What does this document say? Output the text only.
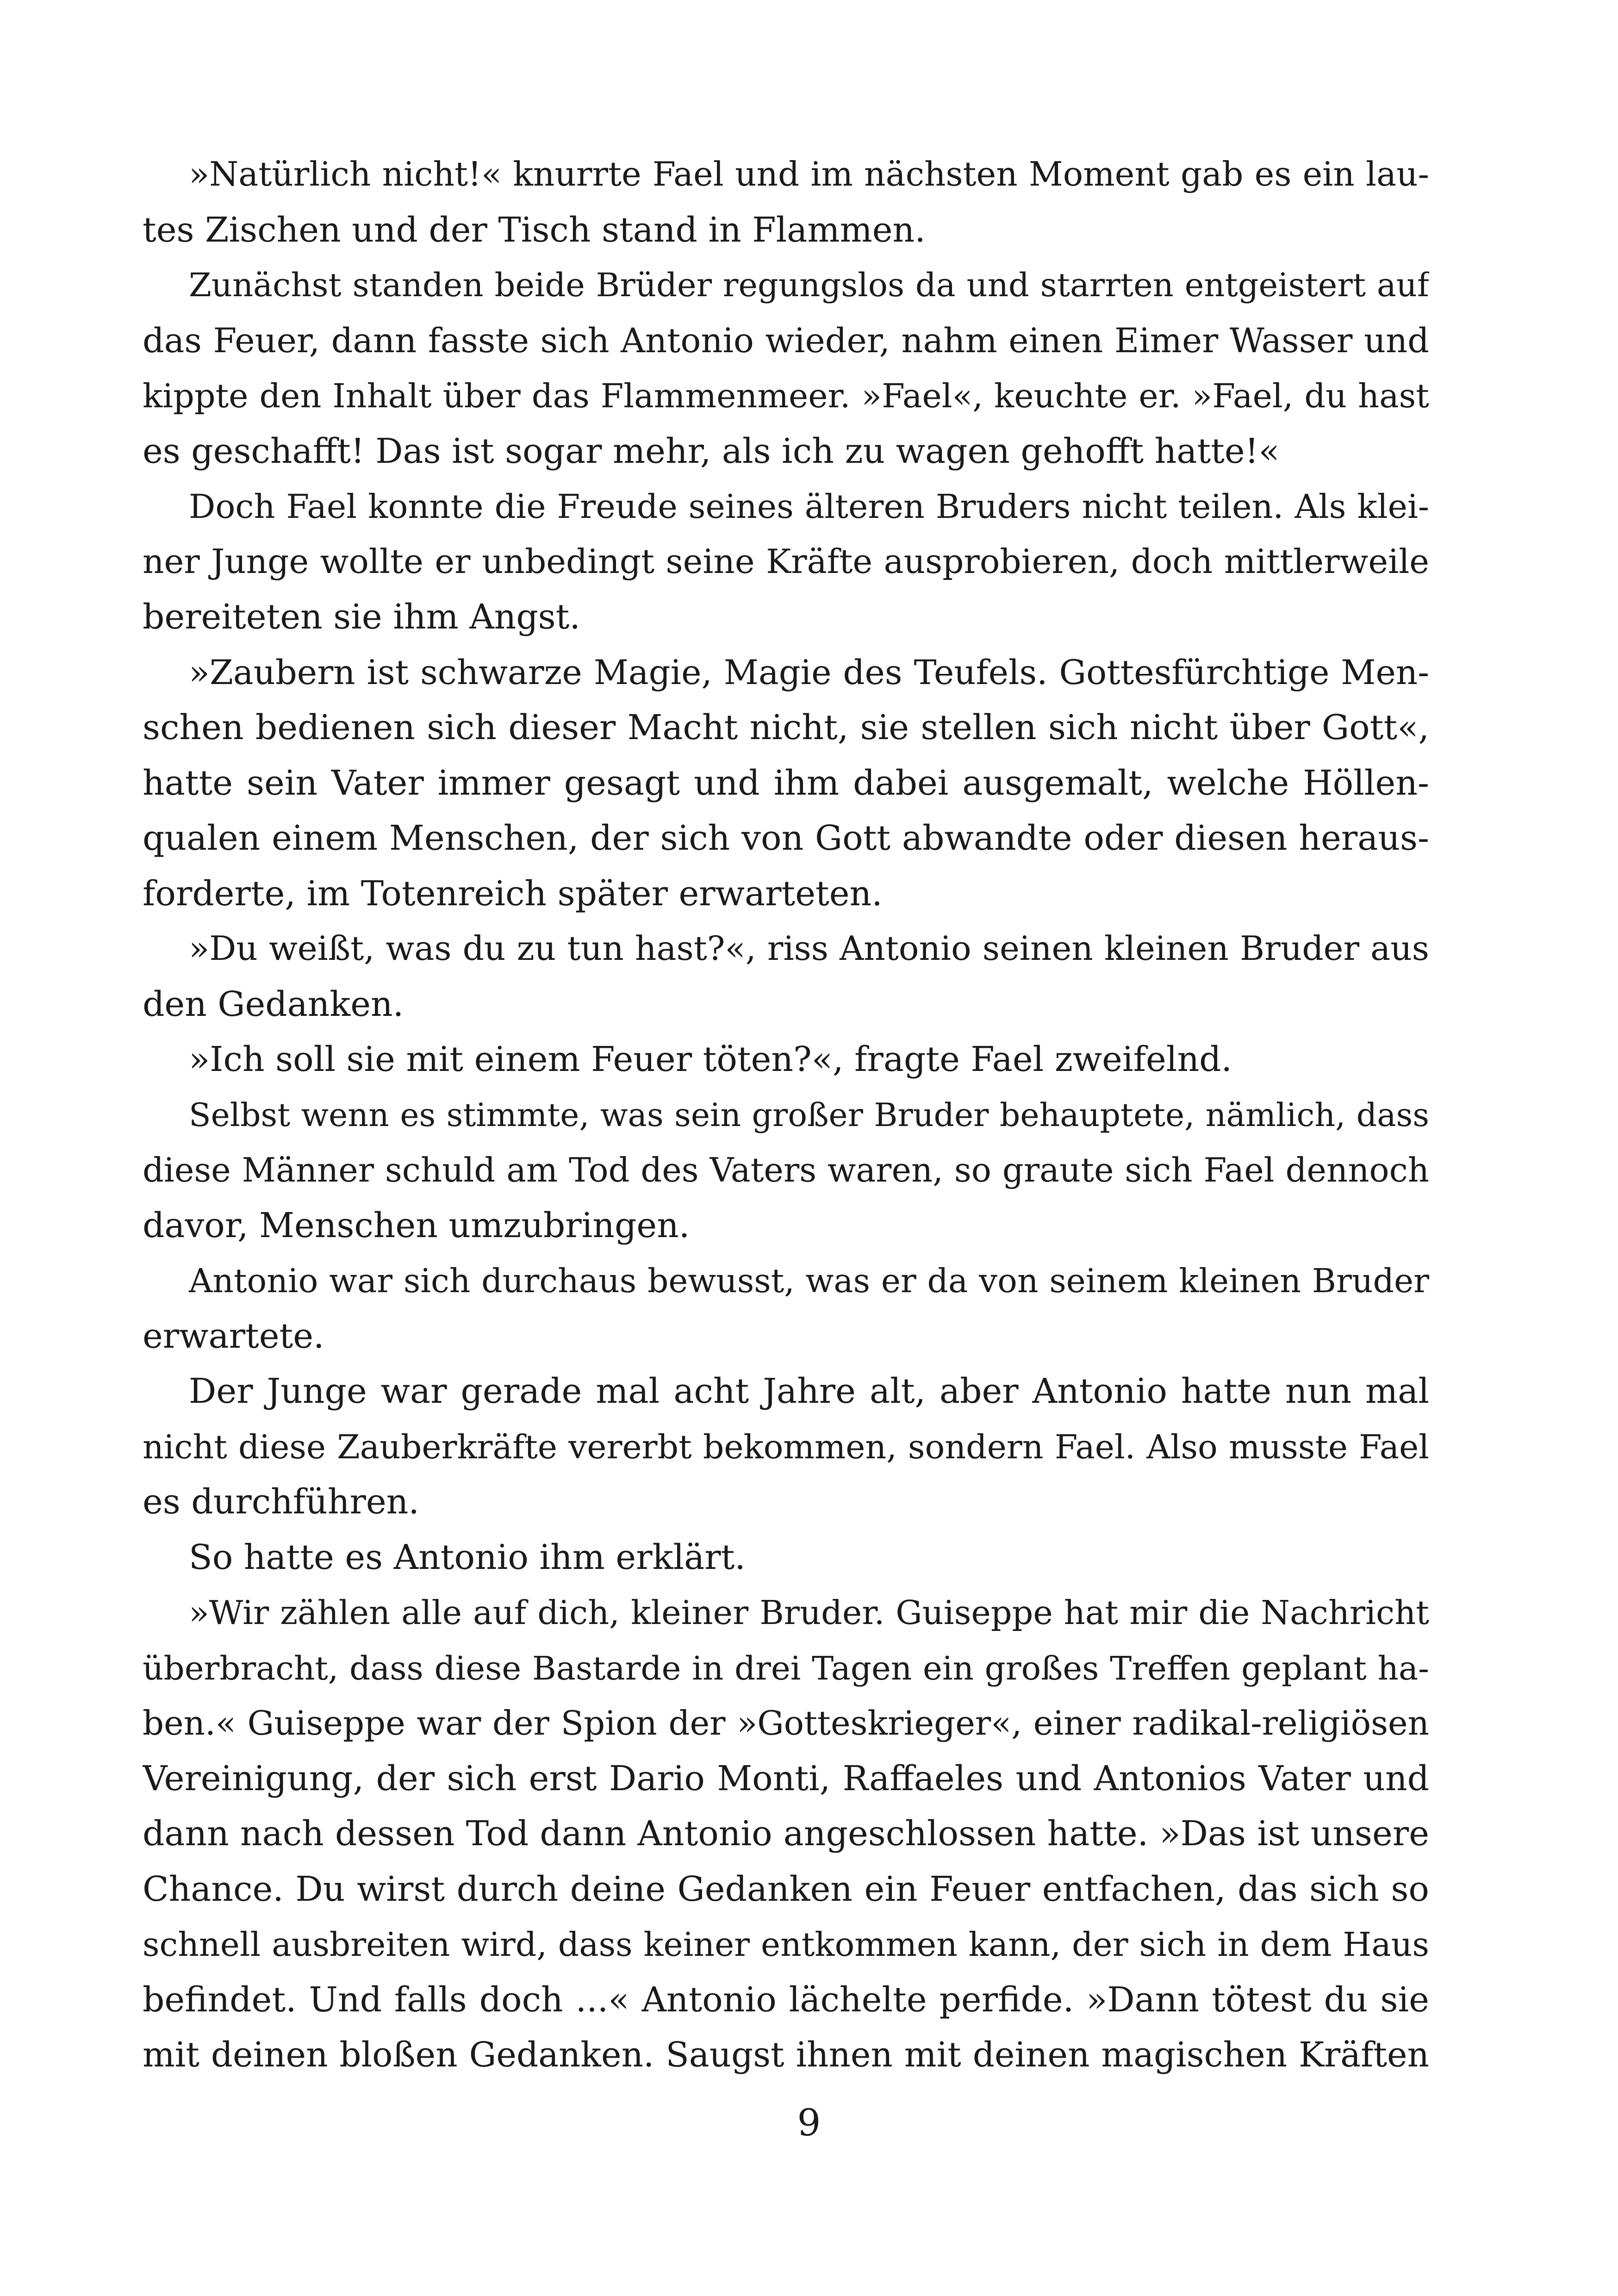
»Natürlich nicht!« knurrte Fael und im nächsten Moment gab es ein lau-
tes Zischen und der Tisch stand in Flammen.
Zunächst standen beide Brüder regungslos da und starrten entgeistert auf
das Feuer, dann fasste sich Antonio wieder, nahm einen Eimer Wasser und
kippte den Inhalt über das Flammenmeer. »Fael«, keuchte er. »Fael, du hast
es geschafft! Das ist sogar mehr, als ich zu wagen gehofft hatte!«
Doch Fael konnte die Freude seines älteren Bruders nicht teilen. Als klei-
ner Junge wollte er unbedingt seine Kräfte ausprobieren, doch mittlerweile
bereiteten sie ihm Angst.
»Zaubern ist schwarze Magie, Magie des Teufels. Gottesfürchtige Men-
schen bedienen sich dieser Macht nicht, sie stellen sich nicht über Gott«,
hatte sein Vater immer gesagt und ihm dabei ausgemalt, welche Höllen-
qualen einem Menschen, der sich von Gott abwandte oder diesen heraus-
forderte, im Totenreich später erwarteten.
»Du weißt, was du zu tun hast?«, riss Antonio seinen kleinen Bruder aus
den Gedanken.
»Ich soll sie mit einem Feuer töten?«, fragte Fael zweifelnd.
Selbst wenn es stimmte, was sein großer Bruder behauptete, nämlich, dass
diese Männer schuld am Tod des Vaters waren, so graute sich Fael dennoch
davor, Menschen umzubringen.
Antonio war sich durchaus bewusst, was er da von seinem kleinen Bruder
erwartete.
Der Junge war gerade mal acht Jahre alt, aber Antonio hatte nun mal
nicht diese Zauberkräfte vererbt bekommen, sondern Fael. Also musste Fael
es durchführen.
So hatte es Antonio ihm erklärt.
»Wir zählen alle auf dich, kleiner Bruder. Guiseppe hat mir die Nachricht
überbracht, dass diese Bastarde in drei Tagen ein großes Treffen geplant ha-
ben.« Guiseppe war der Spion der »Gotteskrieger«, einer radikal-religiösen
Vereinigung, der sich erst Dario Monti, Raffaeles und Antonios Vater und
dann nach dessen Tod dann Antonio angeschlossen hatte. »Das ist unsere
Chance. Du wirst durch deine Gedanken ein Feuer entfachen, das sich so
schnell ausbreiten wird, dass keiner entkommen kann, der sich in dem Haus
befindet. Und falls doch ...« Antonio lächelte perfide. »Dann tötest du sie
mit deinen bloßen Gedanken. Saugst ihnen mit deinen magischen Kräften
9
